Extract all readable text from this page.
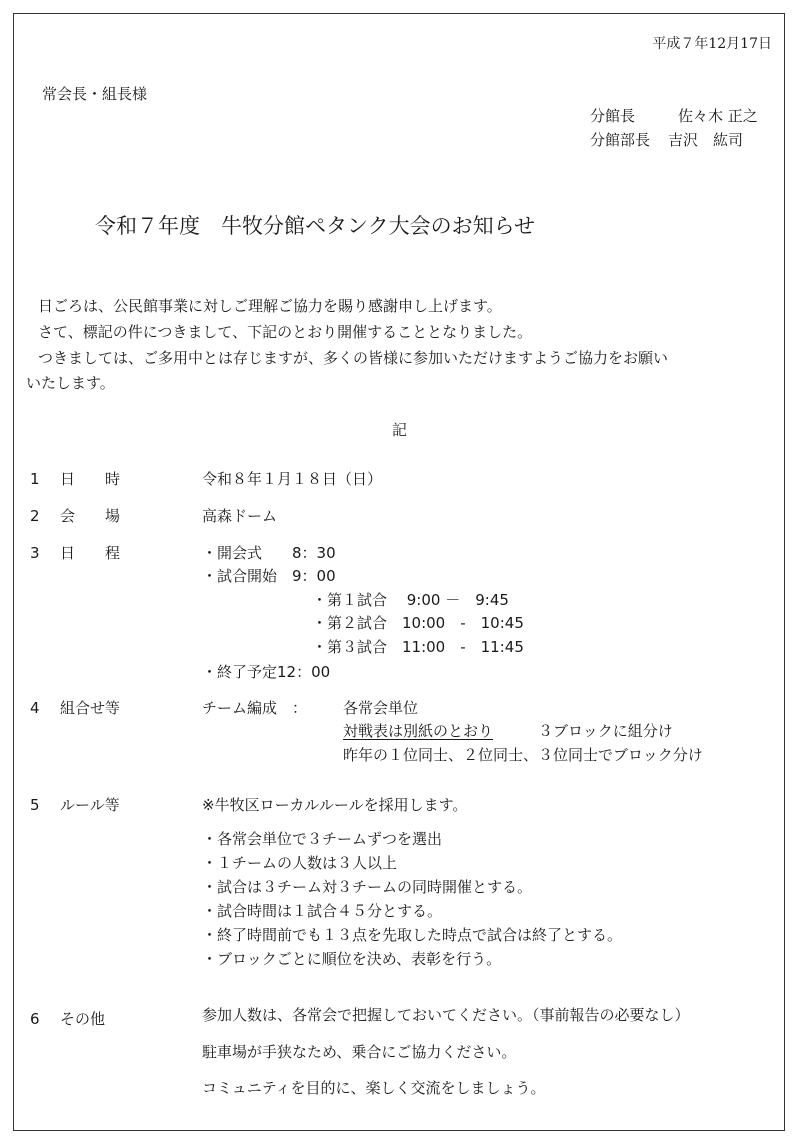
平成７年12月17日
常会長・組長様
分館長	佐々木 正之
分館部長 吉沢　紘司
令和７年度　牛牧分館ペタンク大会のお知らせ
日ごろは、公民館事業に対しご理解ご協力を賜り感謝申し上げます。
さて、標記の件につきまして、下記のとおり開催することとなりました。
つきましては、ご多用中とは存じますが、多くの皆様に参加いただけますようご協力をお願い
いたします。
記
1 日　　時	令和８年１月１８日（日）
2 会　　場	高森ドーム
3 日　　程	・開会式　　8：30
・試合開始　9：00
・第１試合　 9:00 －　9:45
・第２試合　10:00　-　10:45
・第３試合　11:00　-　11:45
・終了予定12：00
4 組合せ等	チーム編成　： 各常会単位
対戦表は別紙のとおり	３ブロックに組分け
昨年の１位同士、２位同士、３位同士でブロック分け
5 ルール等	※牛牧区ローカルルールを採用します。
・各常会単位で３チームずつを選出
・１チームの人数は３人以上
・試合は３チーム対３チームの同時開催とする。
・試合時間は１試合４５分とする。
・終了時間前でも１３点を先取した時点で試合は終了とする。
・ブロックごとに順位を決め、表彰を行う。
6 その他	参加人数は、各常会で把握しておいてください。（事前報告の必要なし）
駐車場が手狭なため、乗合にご協力ください。
コミュニティを目的に、楽しく交流をしましょう。
